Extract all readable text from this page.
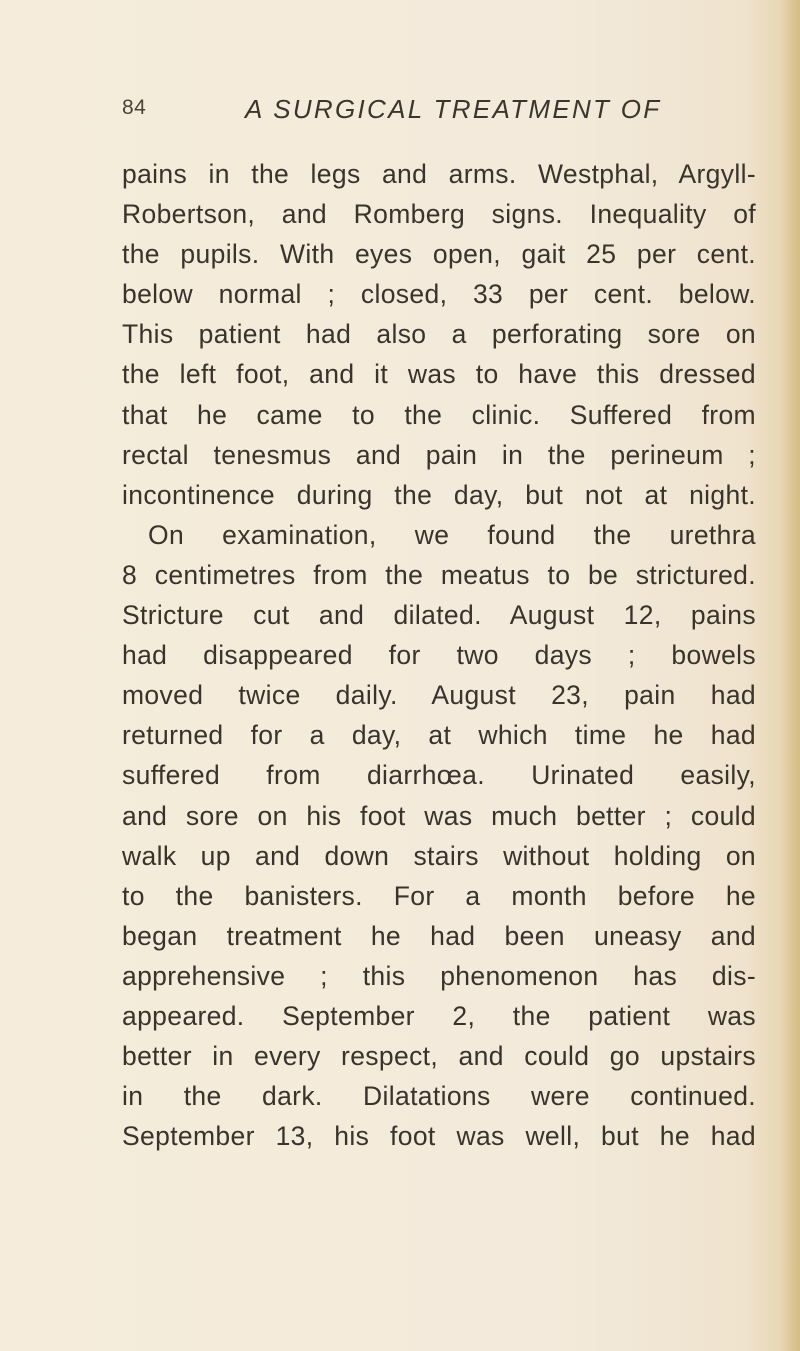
84	A SURGICAL TREATMENT OF
pains in the legs and arms. Westphal, Argyll-
Robertson, and Romberg signs. Inequality of
the pupils. With eyes open, gait 25 per cent.
below normal ; closed, 33 per cent. below.
This patient had also a perforating sore on
the left foot, and it was to have this dressed
that he came to the clinic. Suffered from
rectal tenesmus and pain in the perineum ;
incontinence during the day, but not at night.
On examination, we found the urethra
8 centimetres from the meatus to be strictured.
Stricture cut and dilated. August 12, pains
had disappeared for two days ; bowels
moved twice daily. August 23, pain had
returned for a day, at which time he had
suffered from diarrhœa. Urinated easily,
and sore on his foot was much better ; could
walk up and down stairs without holding on
to the banisters. For a month before he
began treatment he had been uneasy and
apprehensive ; this phenomenon has dis-
appeared. September 2, the patient was
better in every respect, and could go upstairs
in the dark. Dilatations were continued.
September 13, his foot was well, but he had
